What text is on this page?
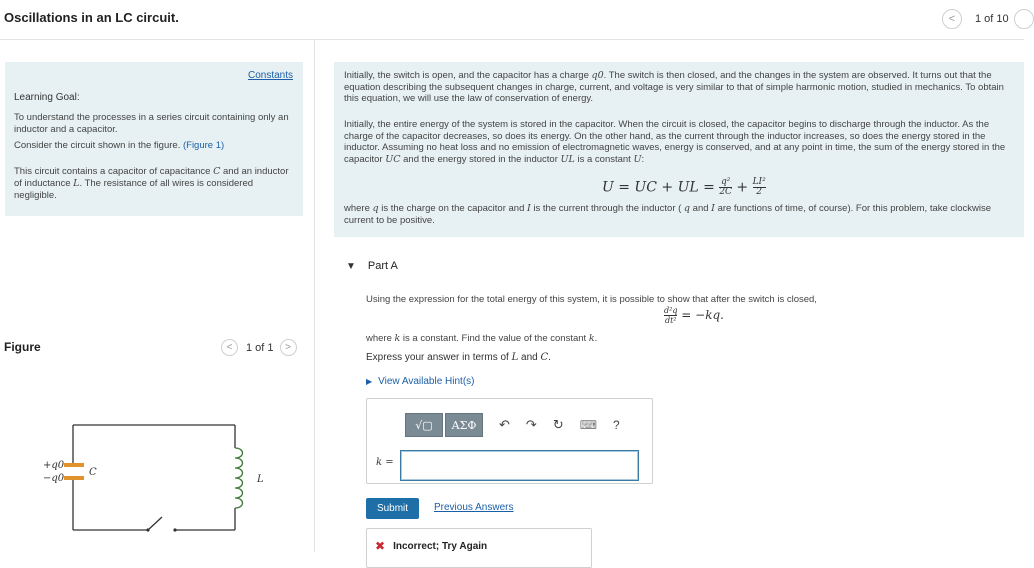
Oscillations in an LC circuit.	< 1 of 10
Constants
Learning Goal:
To understand the processes in a series circuit containing only an inductor and a capacitor.
Consider the circuit shown in the figure. (Figure 1)
This circuit contains a capacitor of capacitance C and an inductor of inductance L. The resistance of all wires is considered negligible.
Figure	< 1 of 1 >
+q0
−q0
C
L
Initially, the switch is open, and the capacitor has a charge q0. The switch is then closed, and the changes in the system are observed. It turns out that the equation describing the subsequent changes in charge, current, and voltage is very similar to that of simple harmonic motion, studied in mechanics. To obtain this equation, we will use the law of conservation of energy.
Initially, the entire energy of the system is stored in the capacitor. When the circuit is closed, the capacitor begins to discharge through the inductor. As the charge of the capacitor decreases, so does its energy. On the other hand, as the current through the inductor increases, so does the energy stored in the inductor. Assuming no heat loss and no emission of electromagnetic waves, energy is conserved, and at any point in time, the sum of the energy stored in the capacitor UC and the energy stored in the inductor UL is a constant U:
U = UC + UL = $\frac{\text{q²}}{2C} + \frac{\text{LI²}}{2}$
where q is the charge on the capacitor and I is the current through the inductor ( q and I are functions of time, of course). For this problem, take clockwise current to be positive.
▼ Part A
Using the expression for the total energy of this system, it is possible to show that after the switch is closed,
$\frac{\text{d²q}}{\text{dt²}} = -kq$.
where k is a constant. Find the value of the constant k.
Express your answer in terms of L and C.
▶ View Available Hint(s)
√▢ ΑΣΦ ↶ ↷ ↻ ⌨ ?
k =
Submit	Previous Answers
✖ Incorrect; Try Again
